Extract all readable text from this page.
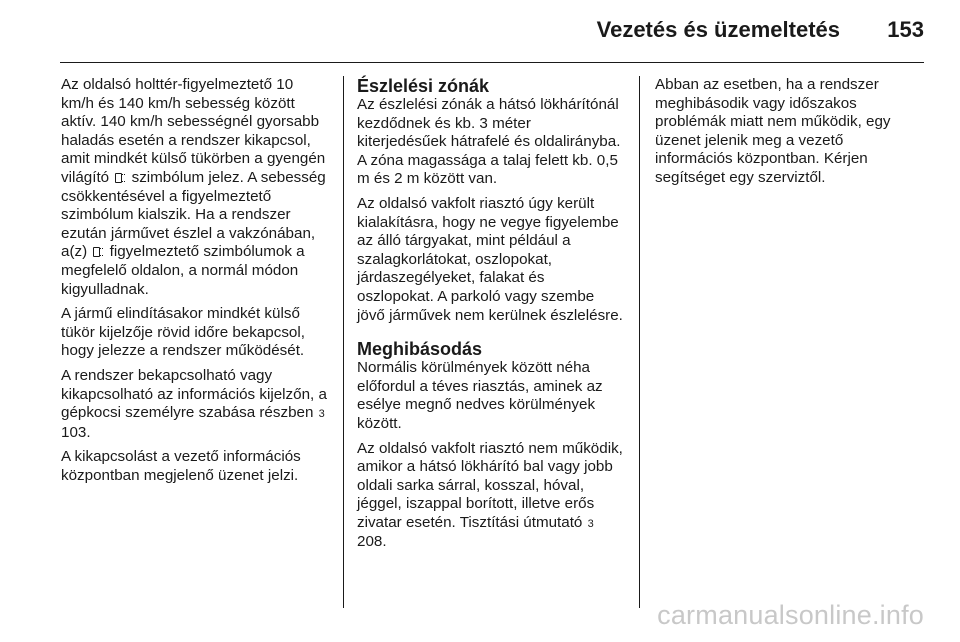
Vezetés és üzemeltetés 153

Az oldalsó holttér-figyelmeztető 10 km/h és 140 km/h sebesség között aktív. 140 km/h sebességnél gyorsabb haladás esetén a rendszer kikapcsol, amit mindkét külső tükörben a gyengén világító szimbólum jelez. A sebesség csökkentésével a figyelmeztető szimbólum kialszik. Ha a rendszer ezután járművet észlel a vakzónában, a(z) figyelmeztető szimbólumok a megfelelő oldalon, a normál módon kigyulladnak.

A jármű elindításakor mindkét külső tükör kijelzője rövid időre bekapcsol, hogy jelezze a rendszer működését.

A rendszer bekapcsolható vagy kikapcsolható az információs kijelzőn, a gépkocsi személyre szabása részben 3 103.

A kikapcsolást a vezető információs központban megjelenő üzenet jelzi.

Észlelési zónák

Az észlelési zónák a hátsó lökhárítónál kezdődnek és kb. 3 méter kiterjedésűek hátrafelé és oldalirányba. A zóna magassága a talaj felett kb. 0,5 m és 2 m között van.

Az oldalsó vakfolt riasztó úgy került kialakításra, hogy ne vegye figyelembe az álló tárgyakat, mint például a szalagkorlátokat, oszlopokat, járdaszegélyeket, falakat és oszlopokat. A parkoló vagy szembe jövő járművek nem kerülnek észlelésre.

Meghibásodás

Normális körülmények között néha előfordul a téves riasztás, aminek az esélye megnő nedves körülmények között.

Az oldalsó vakfolt riasztó nem működik, amikor a hátsó lökhárító bal vagy jobb oldali sarka sárral, kosszal, hóval, jéggel, iszappal borított, illetve erős zivatar esetén. Tisztítási útmutató 3 208.

Abban az esetben, ha a rendszer meghibásodik vagy időszakos problémák miatt nem működik, egy üzenet jelenik meg a vezető információs központban. Kérjen segítséget egy szerviztől.

carmanualsonline.info
